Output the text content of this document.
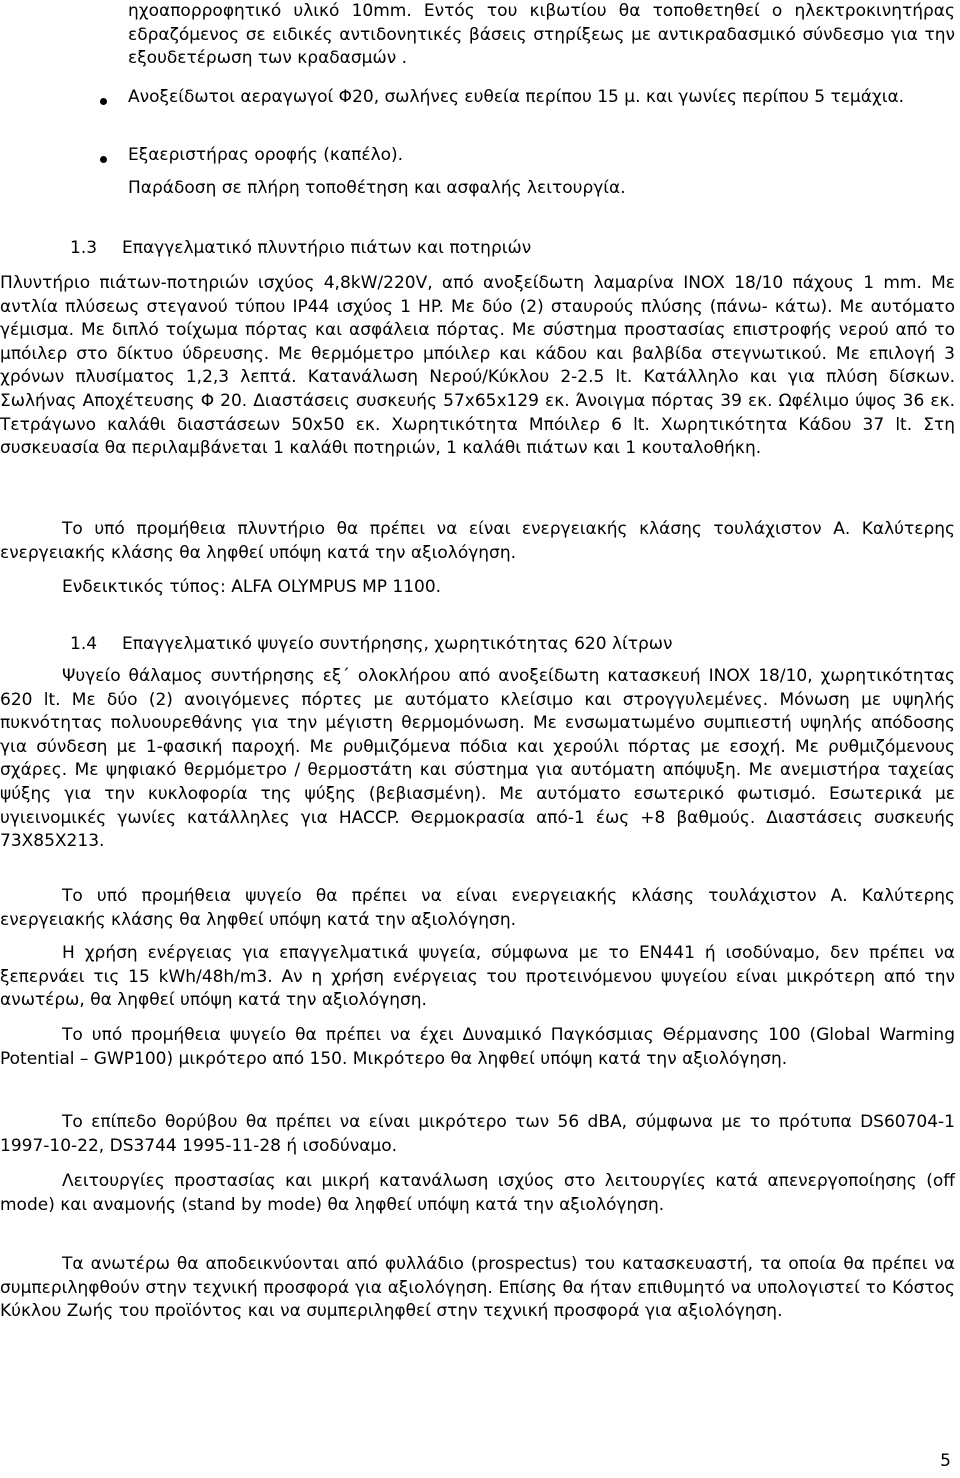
ηχοαπορροφητικό υλικό 10mm. Εντός του κιβωτίου θα τοποθετηθεί ο ηλεκτροκινητήρας εδραζόμενος σε ειδικές αντιδονητικές βάσεις στηρίξεως με αντικραδασμικό σύνδεσμο για την εξουδετέρωση των κραδασμών .

Ανοξείδωτοι αεραγωγοί Φ20, σωλήνες ευθεία περίπου 15 μ. και γωνίες περίπου 5 τεμάχια.

Εξαεριστήρας οροφής (καπέλο).

Παράδοση σε πλήρη τοποθέτηση και ασφαλής λειτουργία.

1.3 Επαγγελματικό πλυντήριο πιάτων και ποτηριών

Πλυντήριο πιάτων-ποτηριών ισχύος 4,8kW/220V, από ανοξείδωτη λαμαρίνα INOX 18/10 πάχους 1 mm. Με αντλία πλύσεως στεγανού τύπου IP44 ισχύος 1 HP. Με δύο (2) σταυρούς πλύσης (πάνω- κάτω). Με αυτόματο γέμισμα. Με διπλό τοίχωμα πόρτας και ασφάλεια πόρτας. Με σύστημα προστασίας επιστροφής νερού από το μπόιλερ στο δίκτυο ύδρευσης. Με θερμόμετρο μπόιλερ και κάδου και βαλβίδα στεγνωτικού. Με επιλογή 3 χρόνων πλυσίματος 1,2,3 λεπτά. Κατανάλωση Νερού/Κύκλου 2-2.5 lt. Κατάλληλο και για πλύση δίσκων. Σωλήνας Αποχέτευσης Φ 20. Διαστάσεις συσκευής 57x65x129 εκ. Άνοιγμα πόρτας 39 εκ. Ωφέλιμο ύψος 36 εκ. Τετράγωνο καλάθι διαστάσεων 50x50 εκ. Χωρητικότητα Μπόιλερ 6 lt. Χωρητικότητα Κάδου 37 lt. Στη συσκευασία θα περιλαμβάνεται 1 καλάθι ποτηριών, 1 καλάθι πιάτων και 1 κουταλοθήκη.

Το υπό προμήθεια πλυντήριο θα πρέπει να είναι ενεργειακής κλάσης τουλάχιστον Α. Καλύτερης ενεργειακής κλάσης θα ληφθεί υπόψη κατά την αξιολόγηση.

Ενδεικτικός τύπος: ALFA OLYMPUS MP 1100.

1.4 Επαγγελματικό ψυγείο συντήρησης, χωρητικότητας 620 λίτρων

Ψυγείο θάλαμος συντήρησης εξ΄ ολοκλήρου από ανοξείδωτη κατασκευή INOX 18/10, χωρητικότητας 620 lt. Με δύο (2) ανοιγόμενες πόρτες με αυτόματο κλείσιμο και στρογγυλεμένες. Μόνωση με υψηλής πυκνότητας πολυουρεθάνης για την μέγιστη θερμομόνωση. Με ενσωματωμένο συμπιεστή υψηλής απόδοσης για σύνδεση με 1-φασική παροχή. Με ρυθμιζόμενα πόδια και χερούλι πόρτας με εσοχή. Με ρυθμιζόμενους σχάρες. Με ψηφιακό θερμόμετρο / θερμοστάτη και σύστημα για αυτόματη απόψυξη. Με ανεμιστήρα ταχείας ψύξης για την κυκλοφορία της ψύξης (βεβιασμένη). Με αυτόματο εσωτερικό φωτισμό. Εσωτερικά με υγιεινομικές γωνίες κατάλληλες για HACCP. Θερμοκρασία από-1 έως +8 βαθμούς. Διαστάσεις συσκευής 73X85X213.

Το υπό προμήθεια ψυγείο θα πρέπει να είναι ενεργειακής κλάσης τουλάχιστον Α. Καλύτερης ενεργειακής κλάσης θα ληφθεί υπόψη κατά την αξιολόγηση.

Η χρήση ενέργειας για επαγγελματικά ψυγεία, σύμφωνα με το EN441 ή ισοδύναμο, δεν πρέπει να ξεπερνάει τις 15 kWh/48h/m3. Αν η χρήση ενέργειας του προτεινόμενου ψυγείου είναι μικρότερη από την ανωτέρω, θα ληφθεί υπόψη κατά την αξιολόγηση.

Το υπό προμήθεια ψυγείο θα πρέπει να έχει Δυναμικό Παγκόσμιας Θέρμανσης 100 (Global Warming Potential – GWP100) μικρότερο από 150. Μικρότερο θα ληφθεί υπόψη κατά την αξιολόγηση.

Το επίπεδο θορύβου θα πρέπει να είναι μικρότερο των 56 dBA, σύμφωνα με το πρότυπα DS60704-1 1997-10-22, DS3744 1995-11-28 ή ισοδύναμο.

Λειτουργίες προστασίας και μικρή κατανάλωση ισχύος στο λειτουργίες κατά απενεργοποίησης (off mode) και αναμονής (stand by mode) θα ληφθεί υπόψη κατά την αξιολόγηση.

Τα ανωτέρω θα αποδεικνύονται από φυλλάδιο (prospectus) του κατασκευαστή, τα οποία θα πρέπει να συμπεριληφθούν στην τεχνική προσφορά για αξιολόγηση. Επίσης θα ήταν επιθυμητό να υπολογιστεί το Κόστος Κύκλου Ζωής του προϊόντος και να συμπεριληφθεί στην τεχνική προσφορά για αξιολόγηση.

5
